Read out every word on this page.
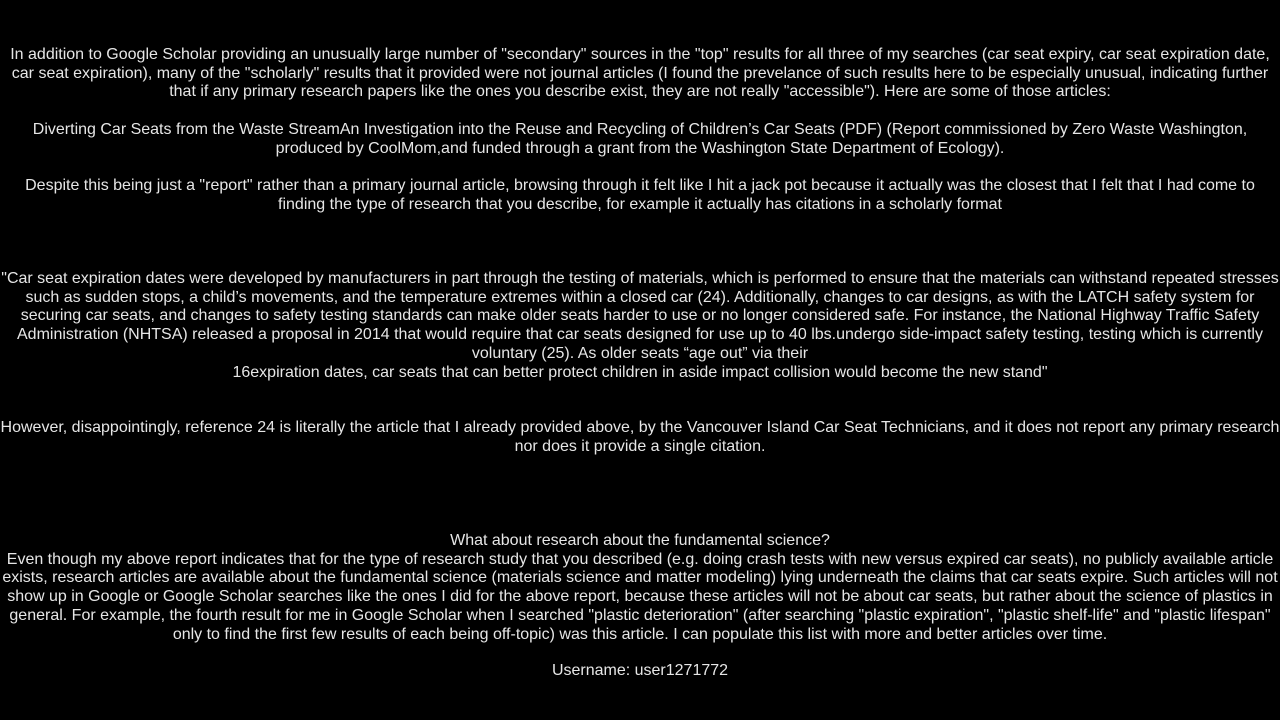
In addition to Google Scholar providing an unusually large number of "secondary" sources in the "top" results for all three of my searches (car seat expiry, car seat expiration date, car seat expiration), many of the "scholarly" results that it provided were not journal articles (I found the prevelance of such results here to be especially unusual, indicating further that if any primary research papers like the ones you describe exist, they are not really "accessible"). Here are some of those articles:

Diverting Car Seats from the Waste StreamAn Investigation into the Reuse and Recycling of Children’s Car Seats (PDF) (Report commissioned by Zero Waste Washington, produced by CoolMom,and funded through a grant from the Washington State Department of Ecology).

Despite this being just a "report" rather than a primary journal article, browsing through it felt like I hit a jack pot because it actually was the closest that I felt that I had come to finding the type of research that you describe, for example it actually has citations in a scholarly format

"Car seat expiration dates were developed by manufacturers in part through the testing of materials, which is performed to ensure that the materials can withstand repeated stresses such as sudden stops, a child’s movements, and the temperature extremes within a closed car (24). Additionally, changes to car designs, as with the LATCH safety system for securing car seats, and changes to safety testing standards can make older seats harder to use or no longer considered safe. For instance, the National Highway Traffic Safety Administration (NHTSA) released a proposal in 2014 that would require that car seats designed for use up to 40 lbs.undergo side-impact safety testing, testing which is currently voluntary (25). As older seats “age out” via their
16expiration dates, car seats that can better protect children in aside impact collision would become the new stand"

However, disappointingly, reference 24 is literally the article that I already provided above, by the Vancouver Island Car Seat Technicians, and it does not report any primary research nor does it provide a single citation.

What about research about the fundamental science?
Even though my above report indicates that for the type of research study that you described (e.g. doing crash tests with new versus expired car seats), no publicly available article exists, research articles are available about the fundamental science (materials science and matter modeling) lying underneath the claims that car seats expire. Such articles will not show up in Google or Google Scholar searches like the ones I did for the above report, because these articles will not be about car seats, but rather about the science of plastics in general. For example, the fourth result for me in Google Scholar when I searched "plastic deterioration" (after searching "plastic expiration", "plastic shelf-life" and "plastic lifespan" only to find the first few results of each being off-topic) was this article. I can populate this list with more and better articles over time.

Username: user1271772
